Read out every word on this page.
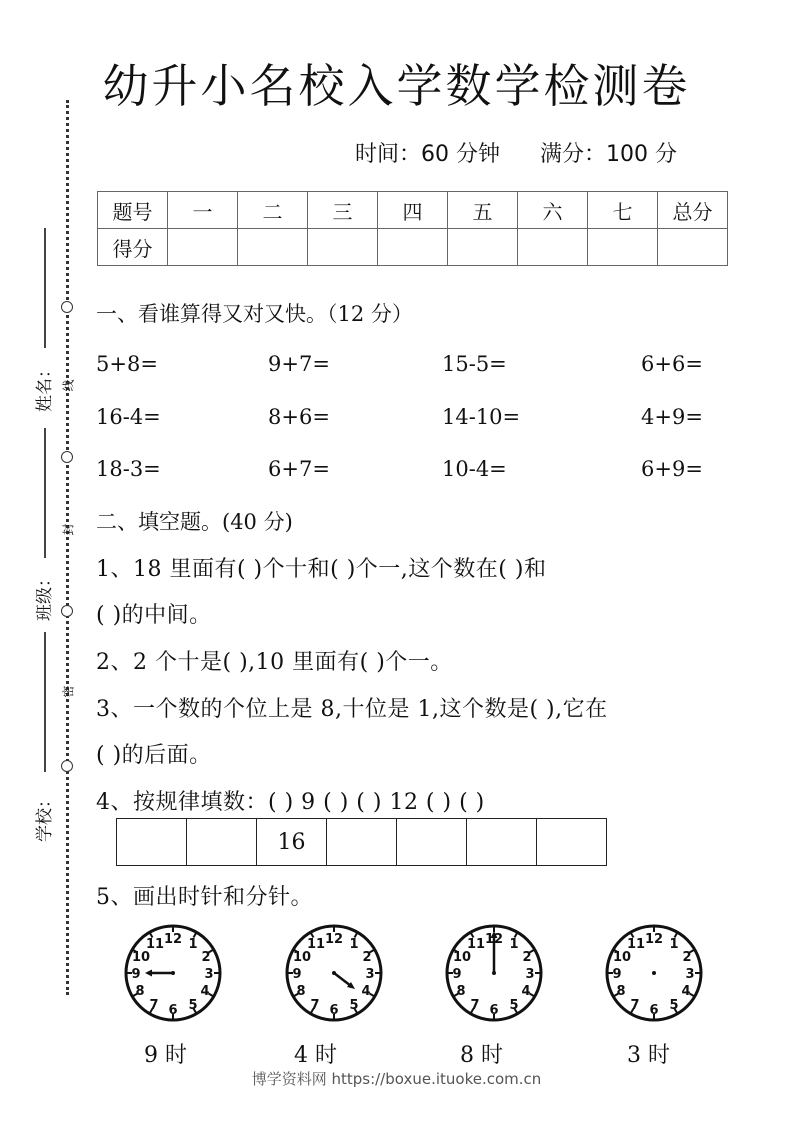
姓名：
班级：
学校：
线
封
密
幼升小名校入学数学检测卷
时间：60 分钟 满分：100 分
题号	一	二	三	四	五	六	七	总分
得分								
一、看谁算得又对又快。（12 分）
5+8=	9+7=	15-5=	6+6=
16-4=	8+6=	14-10=	4+9=
18-3=	6+7=	10-4=	6+9=
二、填空题。(40 分)
1、18 里面有( )个十和( )个一,这个数在( )和
( )的中间。
2、2 个十是( ),10 里面有( )个一。
3、一个数的个位上是 8,十位是 1,这个数是( ),它在
( )的后面。
4、按规律填数：( ) 9 ( ) ( ) 12 ( ) ( )
		16				
5、画出时针和分针。
9 时	4 时	8 时	3 时
博学资料网 https://boxue.ituoke.com.cn
